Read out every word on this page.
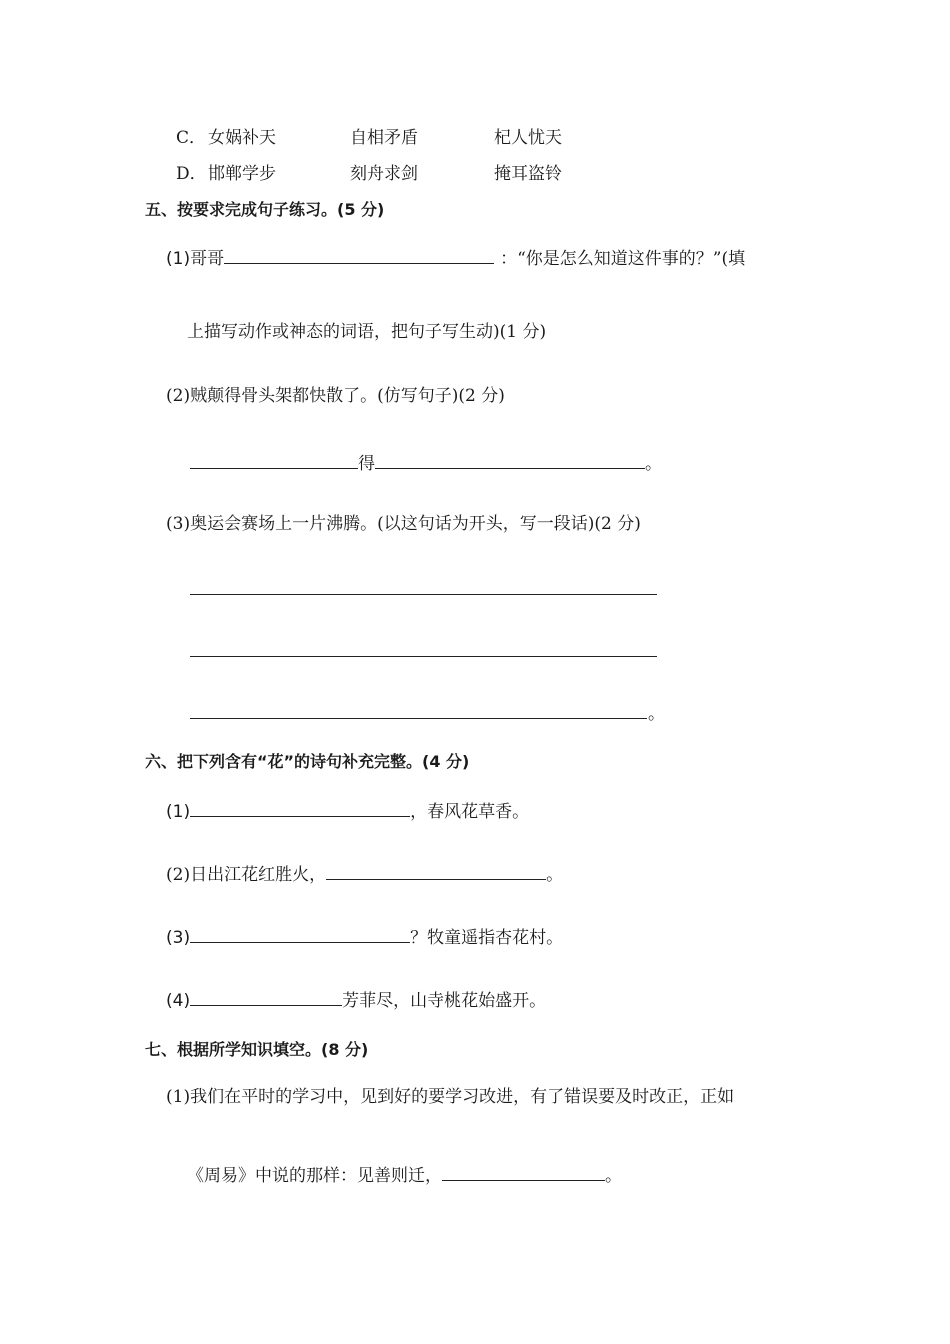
C． 女娲补天	自相矛盾	杞人忧天
D． 邯郸学步	刻舟求剑	掩耳盗铃
五、按要求完成句子练习。(5 分)
(1)哥哥	：“你是怎么知道这件事的？”(填
上描写动作或神态的词语，把句子写生动)(1 分)
(2)贼颠得骨头架都快散了。(仿写句子)(2 分)
得	。
(3)奥运会赛场上一片沸腾。(以这句话为开头，写一段话)(2 分)
。
六、把下列含有“花”的诗句补充完整。(4 分)
(1)	，春风花草香。
(2)日出江花红胜火，	。
(3)	？牧童遥指杏花村。
(4)	芳菲尽，山寺桃花始盛开。
七、根据所学知识填空。(8 分)
(1)我们在平时的学习中，见到好的要学习改进，有了错误要及时改正，正如
《周易》中说的那样：见善则迁，	。
